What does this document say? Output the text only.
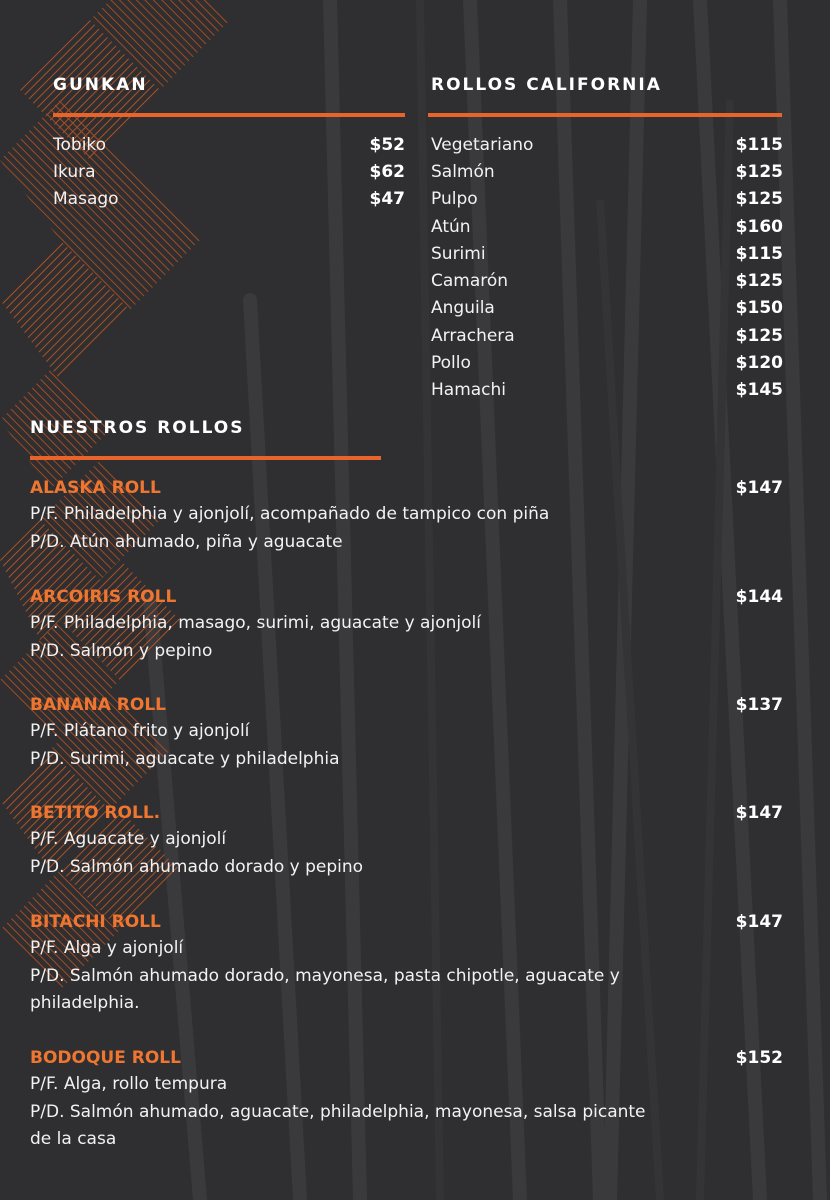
GUNKAN
Tobiko	$52
Ikura	$62
Masago	$47
ROLLOS CALIFORNIA
Vegetariano	$115
Salmón	$125
Pulpo	$125
Atún	$160
Surimi	$115
Camarón	$125
Anguila	$150
Arrachera	$125
Pollo	$120
Hamachi	$145
NUESTROS ROLLOS
ALASKA ROLL	$147
P/F. Philadelphia y ajonjolí, acompañado de tampico con piña
P/D. Atún ahumado, piña y aguacate
ARCOIRIS ROLL	$144
P/F. Philadelphia, masago, surimi, aguacate y ajonjolí
P/D. Salmón y pepino
BANANA ROLL	$137
P/F. Plátano frito y ajonjolí
P/D. Surimi, aguacate y philadelphia
BETITO ROLL.	$147
P/F. Aguacate y ajonjolí
P/D. Salmón ahumado dorado y pepino
BITACHI ROLL	$147
P/F. Alga y ajonjolí
P/D. Salmón ahumado dorado, mayonesa, pasta chipotle, aguacate y philadelphia.
BODOQUE ROLL	$152
P/F. Alga, rollo tempura
P/D. Salmón ahumado, aguacate, philadelphia, mayonesa, salsa picante de la casa
